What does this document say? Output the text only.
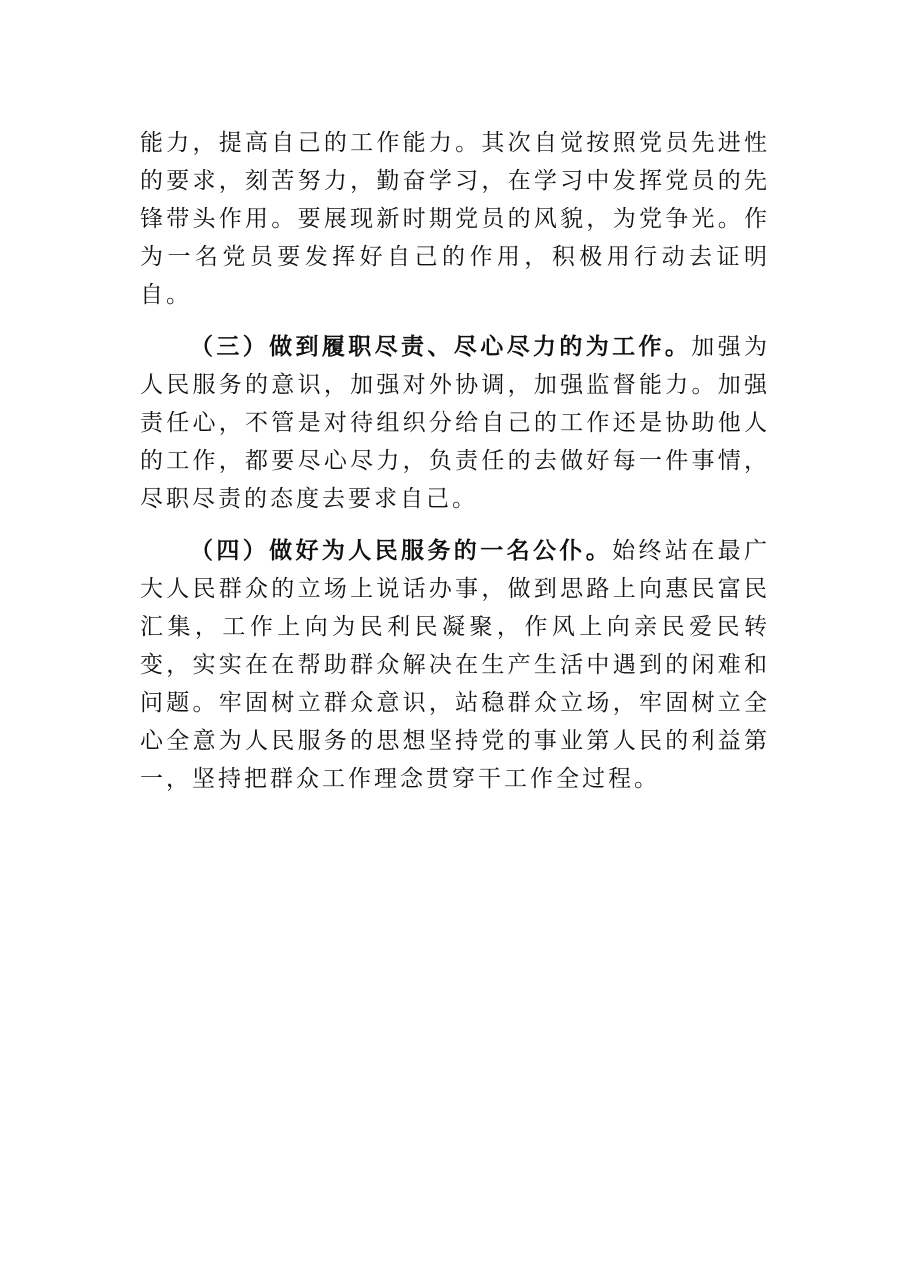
能力，提高自己的工作能力。其次自觉按照党员先进性的要求，刻苦努力，勤奋学习，在学习中发挥党员的先锋带头作用。要展现新时期党员的风貌，为党争光。作为一名党员要发挥好自己的作用，积极用行动去证明自。

（三）做到履职尽责、尽心尽力的为工作。加强为人民服务的意识，加强对外协调，加强监督能力。加强责任心，不管是对待组织分给自己的工作还是协助他人的工作，都要尽心尽力，负责任的去做好每一件事情，尽职尽责的态度去要求自己。

（四）做好为人民服务的一名公仆。始终站在最广大人民群众的立场上说话办事，做到思路上向惠民富民汇集，工作上向为民利民凝聚，作风上向亲民爱民转变，实实在在帮助群众解决在生产生活中遇到的闲难和问题。牢固树立群众意识，站稳群众立场，牢固树立全心全意为人民服务的思想坚持党的事业第人民的利益第一，坚持把群众工作理念贯穿干工作全过程。
